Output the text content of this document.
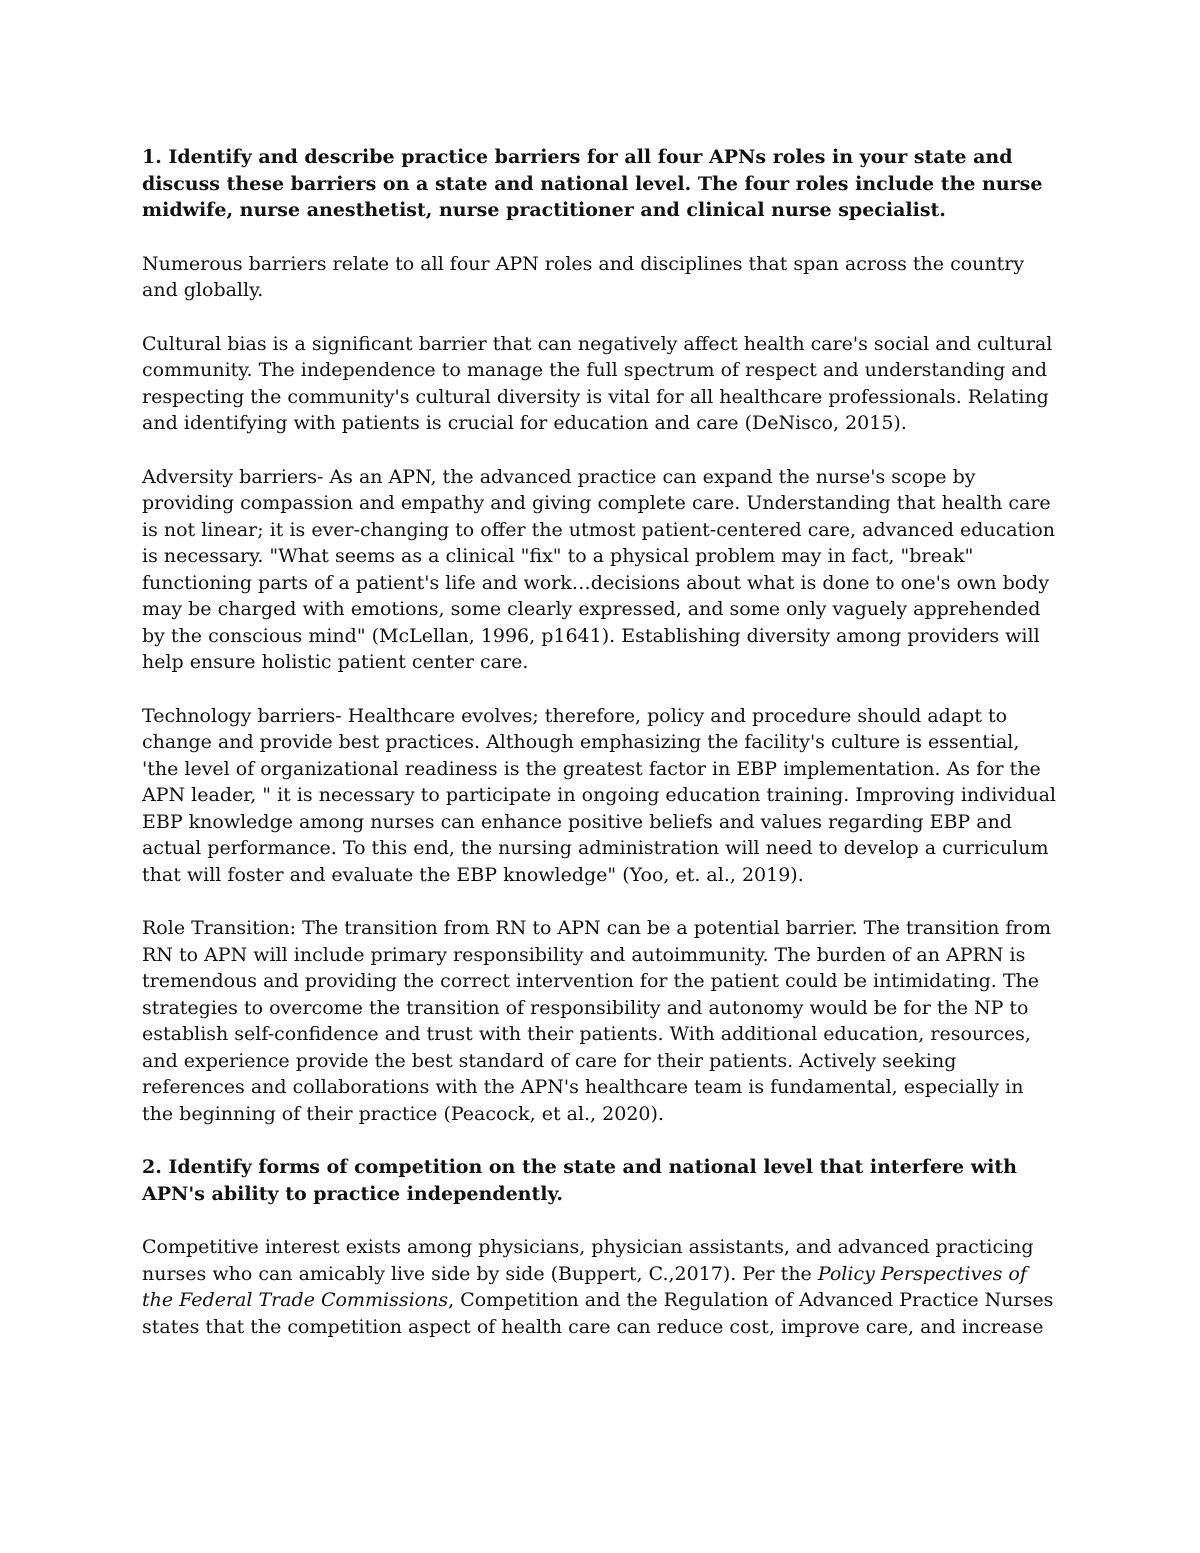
1. Identify and describe practice barriers for all four APNs roles in your state and discuss these barriers on a state and national level. The four roles include the nurse midwife, nurse anesthetist, nurse practitioner and clinical nurse specialist.

Numerous barriers relate to all four APN roles and disciplines that span across the country and globally.

Cultural bias is a significant barrier that can negatively affect health care's social and cultural community. The independence to manage the full spectrum of respect and understanding and respecting the community's cultural diversity is vital for all healthcare professionals. Relating and identifying with patients is crucial for education and care (DeNisco, 2015).

Adversity barriers- As an APN, the advanced practice can expand the nurse's scope by providing compassion and empathy and giving complete care. Understanding that health care is not linear; it is ever-changing to offer the utmost patient-centered care, advanced education is necessary. "What seems as a clinical "fix" to a physical problem may in fact, "break" functioning parts of a patient's life and work…decisions about what is done to one's own body may be charged with emotions, some clearly expressed, and some only vaguely apprehended by the conscious mind" (McLellan, 1996, p1641). Establishing diversity among providers will help ensure holistic patient center care.

Technology barriers- Healthcare evolves; therefore, policy and procedure should adapt to change and provide best practices. Although emphasizing the facility's culture is essential, 'the level of organizational readiness is the greatest factor in EBP implementation. As for the APN leader, " it is necessary to participate in ongoing education training. Improving individual EBP knowledge among nurses can enhance positive beliefs and values regarding EBP and actual performance. To this end, the nursing administration will need to develop a curriculum that will foster and evaluate the EBP knowledge" (Yoo, et. al., 2019).

Role Transition: The transition from RN to APN can be a potential barrier. The transition from RN to APN will include primary responsibility and autoimmunity. The burden of an APRN is tremendous and providing the correct intervention for the patient could be intimidating. The strategies to overcome the transition of responsibility and autonomy would be for the NP to establish self-confidence and trust with their patients. With additional education, resources, and experience provide the best standard of care for their patients. Actively seeking references and collaborations with the APN's healthcare team is fundamental, especially in the beginning of their practice (Peacock, et al., 2020).

2. Identify forms of competition on the state and national level that interfere with APN's ability to practice independently.

Competitive interest exists among physicians, physician assistants, and advanced practicing nurses who can amicably live side by side (Buppert, C.,2017). Per the Policy Perspectives of the Federal Trade Commissions, Competition and the Regulation of Advanced Practice Nurses states that the competition aspect of health care can reduce cost, improve care, and increase
